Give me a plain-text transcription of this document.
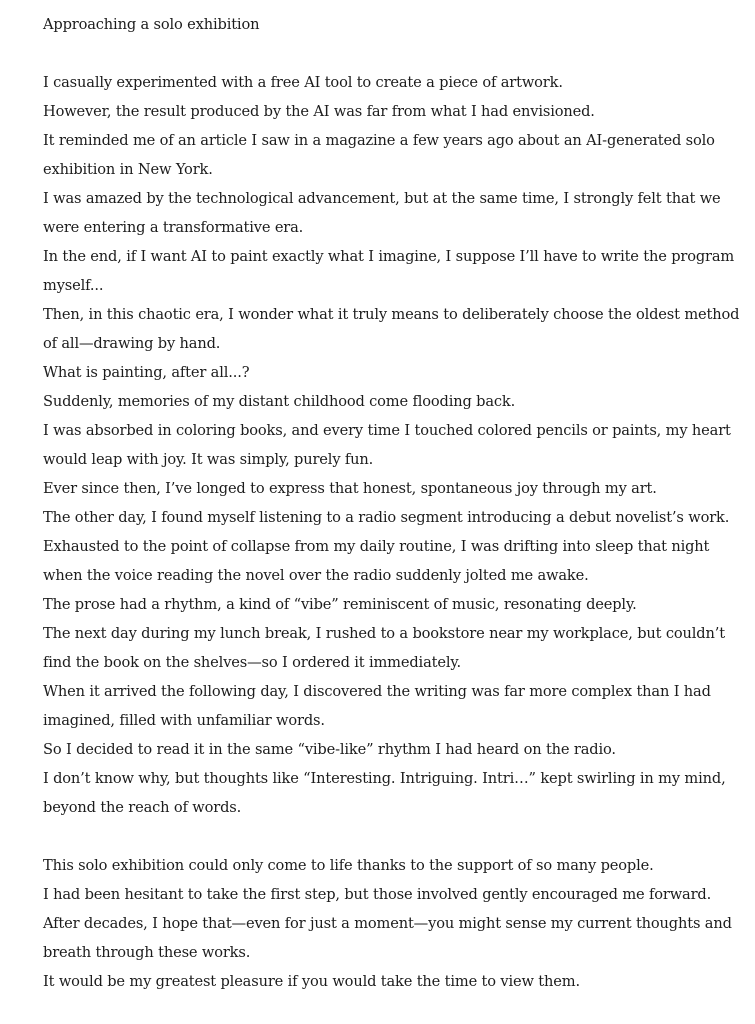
Approaching a solo exhibition

I casually experimented with a free AI tool to create a piece of artwork.

However, the result produced by the AI was far from what I had envisioned.

It reminded me of an article I saw in a magazine a few years ago about an AI-generated solo exhibition in New York.

I was amazed by the technological advancement, but at the same time, I strongly felt that we were entering a transformative era.

In the end, if I want AI to paint exactly what I imagine, I suppose I’ll have to write the program myself...

Then, in this chaotic era, I wonder what it truly means to deliberately choose the oldest method of all—drawing by hand.

What is painting, after all...?

Suddenly, memories of my distant childhood come flooding back.

I was absorbed in coloring books, and every time I touched colored pencils or paints, my heart would leap with joy. It was simply, purely fun.

Ever since then, I’ve longed to express that honest, spontaneous joy through my art.

The other day, I found myself listening to a radio segment introducing a debut novelist’s work.

Exhausted to the point of collapse from my daily routine, I was drifting into sleep that night when the voice reading the novel over the radio suddenly jolted me awake.

The prose had a rhythm, a kind of “vibe” reminiscent of music, resonating deeply.

The next day during my lunch break, I rushed to a bookstore near my workplace, but couldn’t find the book on the shelves—so I ordered it immediately.

When it arrived the following day, I discovered the writing was far more complex than I had imagined, filled with unfamiliar words.

So I decided to read it in the same “vibe-like” rhythm I had heard on the radio.

I don’t know why, but thoughts like “Interesting. Intriguing. Intri…” kept swirling in my mind, beyond the reach of words.

This solo exhibition could only come to life thanks to the support of so many people.

I had been hesitant to take the first step, but those involved gently encouraged me forward.

After decades, I hope that—even for just a moment—you might sense my current thoughts and breath through these works.

It would be my greatest pleasure if you would take the time to view them.
